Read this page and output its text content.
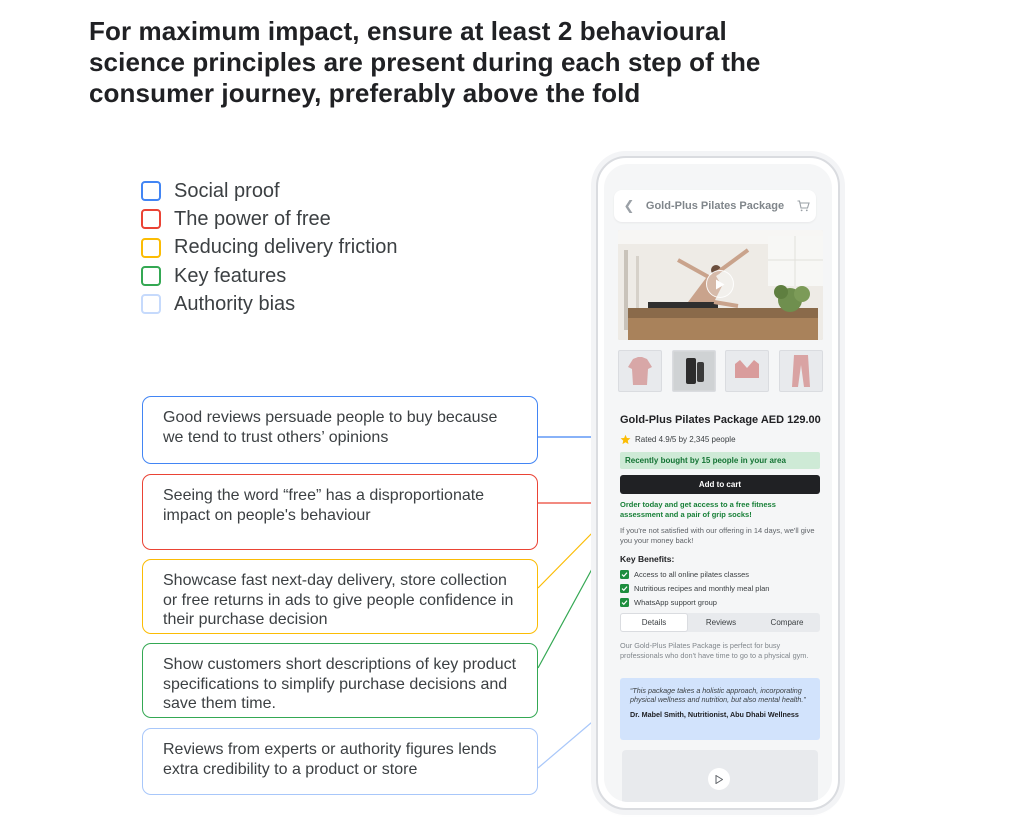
For maximum impact, ensure at least 2 behavioural science principles are present during each step of the consumer journey, preferably above the fold
Social proof
The power of free
Reducing delivery friction
Key features
Authority bias
Good reviews persuade people to buy because we tend to trust others’ opinions
Seeing the word “free” has a disproportionate impact on people's behaviour
Showcase fast next-day delivery, store collection or free returns in ads to give people confidence in their purchase decision
Show customers short descriptions of key product specifications to simplify purchase decisions and save them time.
Reviews from experts or authority figures lends extra credibility to a product or store
❮	Gold-Plus Pilates Package
Gold-Plus Pilates Package AED 129.00
Rated 4.9/5 by 2,345 people
Recently bought by 15 people in your area
Add to cart
Order today and get access to a free fitness assessment and a pair of grip socks!
If you're not satisfied with our offering in 14 days, we'll give you your money back!
Key Benefits:
Access to all online pilates classes
Nutritious recipes and monthly meal plan
WhatsApp support group
Details	Reviews	Compare
Our Gold-Plus Pilates Package is perfect for busy professionals who don't have time to go to a physical gym.
“This package takes a holistic approach, incorporating physical wellness and nutrition, but also mental health.”
Dr. Mabel Smith, Nutritionist, Abu Dhabi Wellness
